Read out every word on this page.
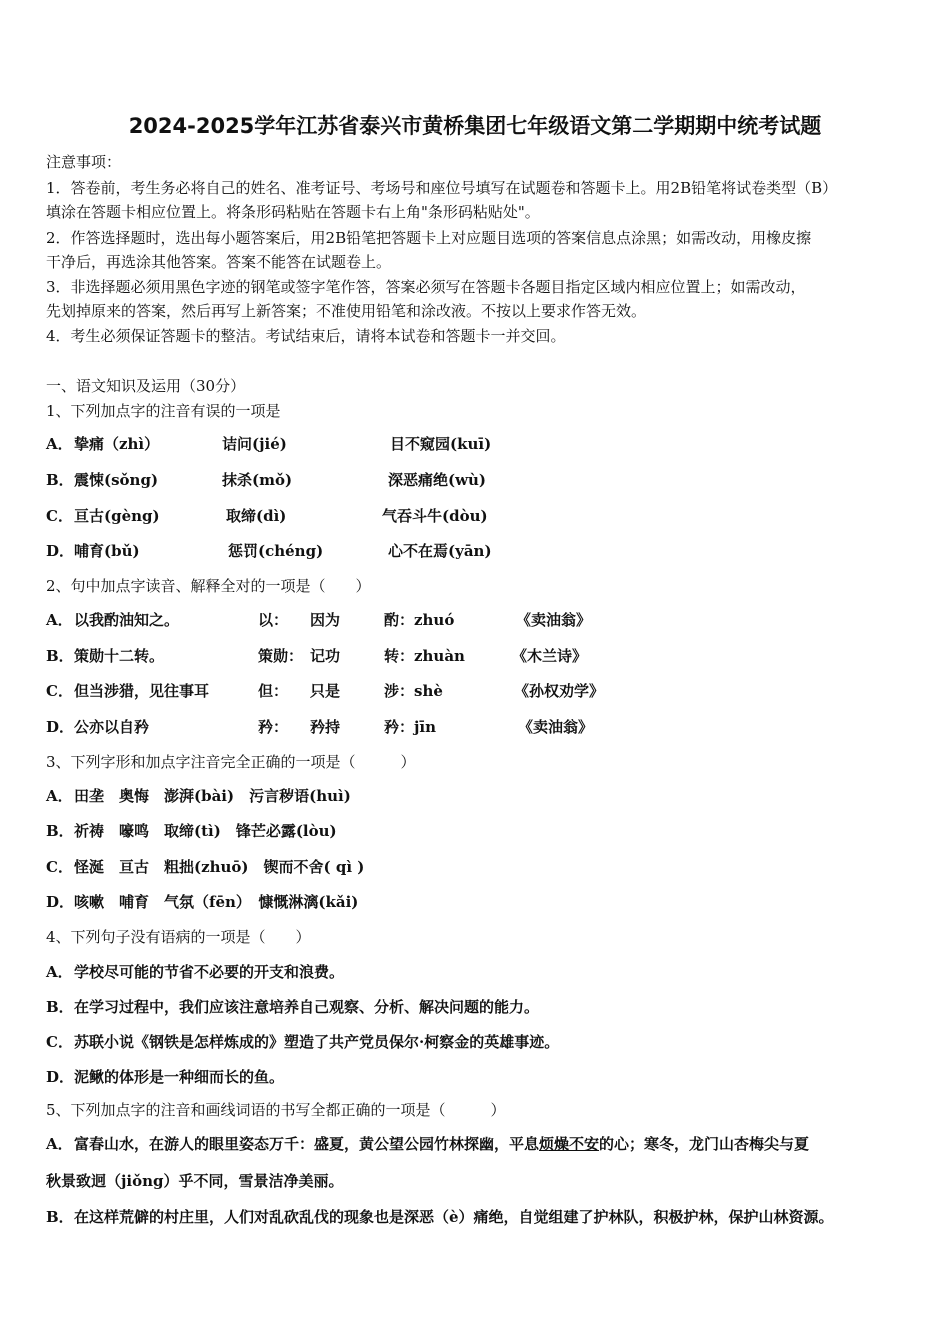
2024-2025学年江苏省泰兴市黄桥集团七年级语文第二学期期中统考试题
注意事项：
1．答卷前，考生务必将自己的姓名、准考证号、考场号和座位号填写在试题卷和答题卡上。用2B铅笔将试卷类型（B）
填涂在答题卡相应位置上。将条形码粘贴在答题卡右上角"条形码粘贴处"。
2．作答选择题时，选出每小题答案后，用2B铅笔把答题卡上对应题目选项的答案信息点涂黑；如需改动，用橡皮擦
干净后，再选涂其他答案。答案不能答在试题卷上。
3．非选择题必须用黑色字迹的钢笔或签字笔作答，答案必须写在答题卡各题目指定区域内相应位置上；如需改动，
先划掉原来的答案，然后再写上新答案；不准使用铅笔和涂改液。不按以上要求作答无效。
4．考生必须保证答题卡的整洁。考试结束后，请将本试卷和答题卡一并交回。
一、语文知识及运用（30分）
1、下列加点字的注音有误的一项是
A． 挚痛（zhì）	诘问(jié)	目不窥园(kuī)
B． 震悚(sǒng)	抹杀(mǒ)	深恶痛绝(wù)
C． 亘古(gèng)	取缔(dì)	气吞斗牛(dòu)
D． 哺育(bǔ)	惩罚(chéng)	心不在焉(yān)
2、句中加点字读音、解释全对的一项是（　　）
A． 以我酌油知之。	以： 因为	酌：zhuó	《卖油翁》
B． 策勋十二转。	策勋： 记功	转：zhuàn	《木兰诗》
C． 但当涉猎，见往事耳	但： 只是	涉：shè	《孙权劝学》
D． 公亦以自矜	矜： 矜持	矜：jīn	《卖油翁》
3、下列字形和加点字注音完全正确的一项是（　　　）
A． 田垄　奥悔　澎湃(bài)　污言秽语(huì)
B． 祈祷　嚎鸣　取缔(tì)　锋芒必露(lòu)
C． 怪涎　亘古　粗拙(zhuō)　锲而不舍( qì )
D． 咳嗽　哺育　气氛（fēn）　慷慨淋漓(kǎi)
4、下列句子没有语病的一项是（　　）
A． 学校尽可能的节省不必要的开支和浪费。
B． 在学习过程中，我们应该注意培养自己观察、分析、解决问题的能力。
C． 苏联小说《钢铁是怎样炼成的》塑造了共产党员保尔·柯察金的英雄事迹。
D． 泥鳅的体形是一种细而长的鱼。
5、下列加点字的注音和画线词语的书写全都正确的一项是（　　　）
A． 富春山水，在游人的眼里姿态万千：盛夏，黄公望公园竹林探幽，平息烦燥不安的心；寒冬，龙门山杏梅尖与夏
秋景致迥（jiǒng）乎不同，雪景洁净美丽。
B． 在这样荒僻的村庄里，人们对乱砍乱伐的现象也是深恶（è）痛绝，自觉组建了护林队，积极护林，保护山林资源。
